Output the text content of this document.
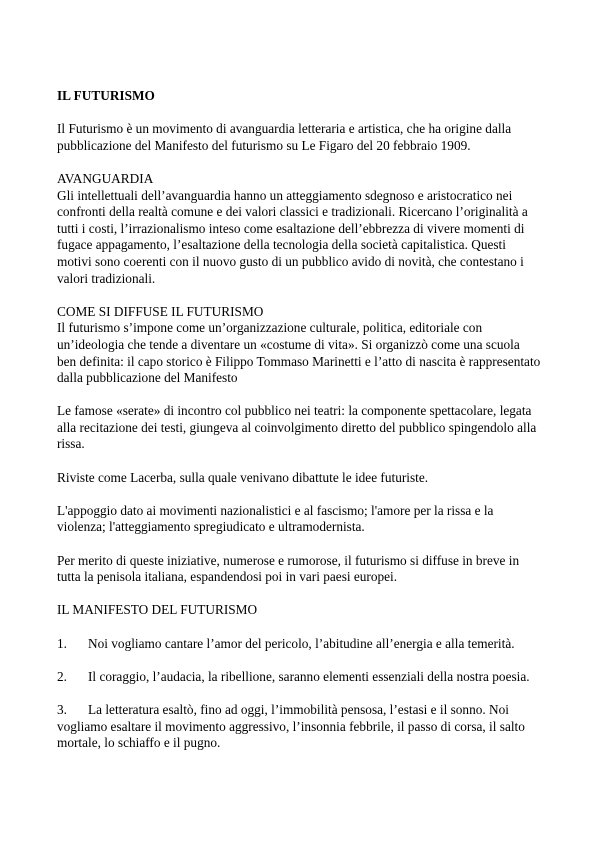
IL FUTURISMO
Il Futurismo è un movimento di avanguardia letteraria e artistica, che ha origine dalla pubblicazione del Manifesto del futurismo su Le Figaro del 20 febbraio 1909.
AVANGUARDIA
Gli intellettuali dell’avanguardia hanno un atteggiamento sdegnoso e aristocratico nei confronti della realtà comune e dei valori classici e tradizionali. Ricercano l’originalità a tutti i costi, l’irrazionalismo inteso come esaltazione dell’ebbrezza di vivere momenti di fugace appagamento, l’esaltazione della tecnologia della società capitalistica. Questi motivi sono coerenti con il nuovo gusto di un pubblico avido di novità, che contestano i valori tradizionali.
COME SI DIFFUSE IL FUTURISMO
Il futurismo s’impone come un’organizzazione culturale, politica, editoriale con un’ideologia che tende a diventare un «costume di vita». Si organizzò come una scuola ben definita: il capo storico è Filippo Tommaso Marinetti e l’atto di nascita è rappresentato dalla pubblicazione del Manifesto
Le famose «serate» di incontro col pubblico nei teatri: la componente spettacolare, legata alla recitazione dei testi, giungeva al coinvolgimento diretto del pubblico spingendolo alla rissa.
Riviste come Lacerba, sulla quale venivano dibattute le idee futuriste.
L'appoggio dato ai movimenti nazionalistici e al fascismo; l'amore per la rissa e la violenza; l'atteggiamento spregiudicato e ultramodernista.
Per merito di queste iniziative, numerose e rumorose, il futurismo si diffuse in breve in tutta la penisola italiana, espandendosi poi in vari paesi europei.
IL MANIFESTO DEL FUTURISMO
1. Noi vogliamo cantare l’amor del pericolo, l’abitudine all’energia e alla temerità.
2. Il coraggio, l’audacia, la ribellione, saranno elementi essenziali della nostra poesia.
3. La letteratura esaltò, fino ad oggi, l’immobilità pensosa, l’estasi e il sonno. Noi vogliamo esaltare il movimento aggressivo, l’insonnia febbrile, il passo di corsa, il salto mortale, lo schiaffo e il pugno.
